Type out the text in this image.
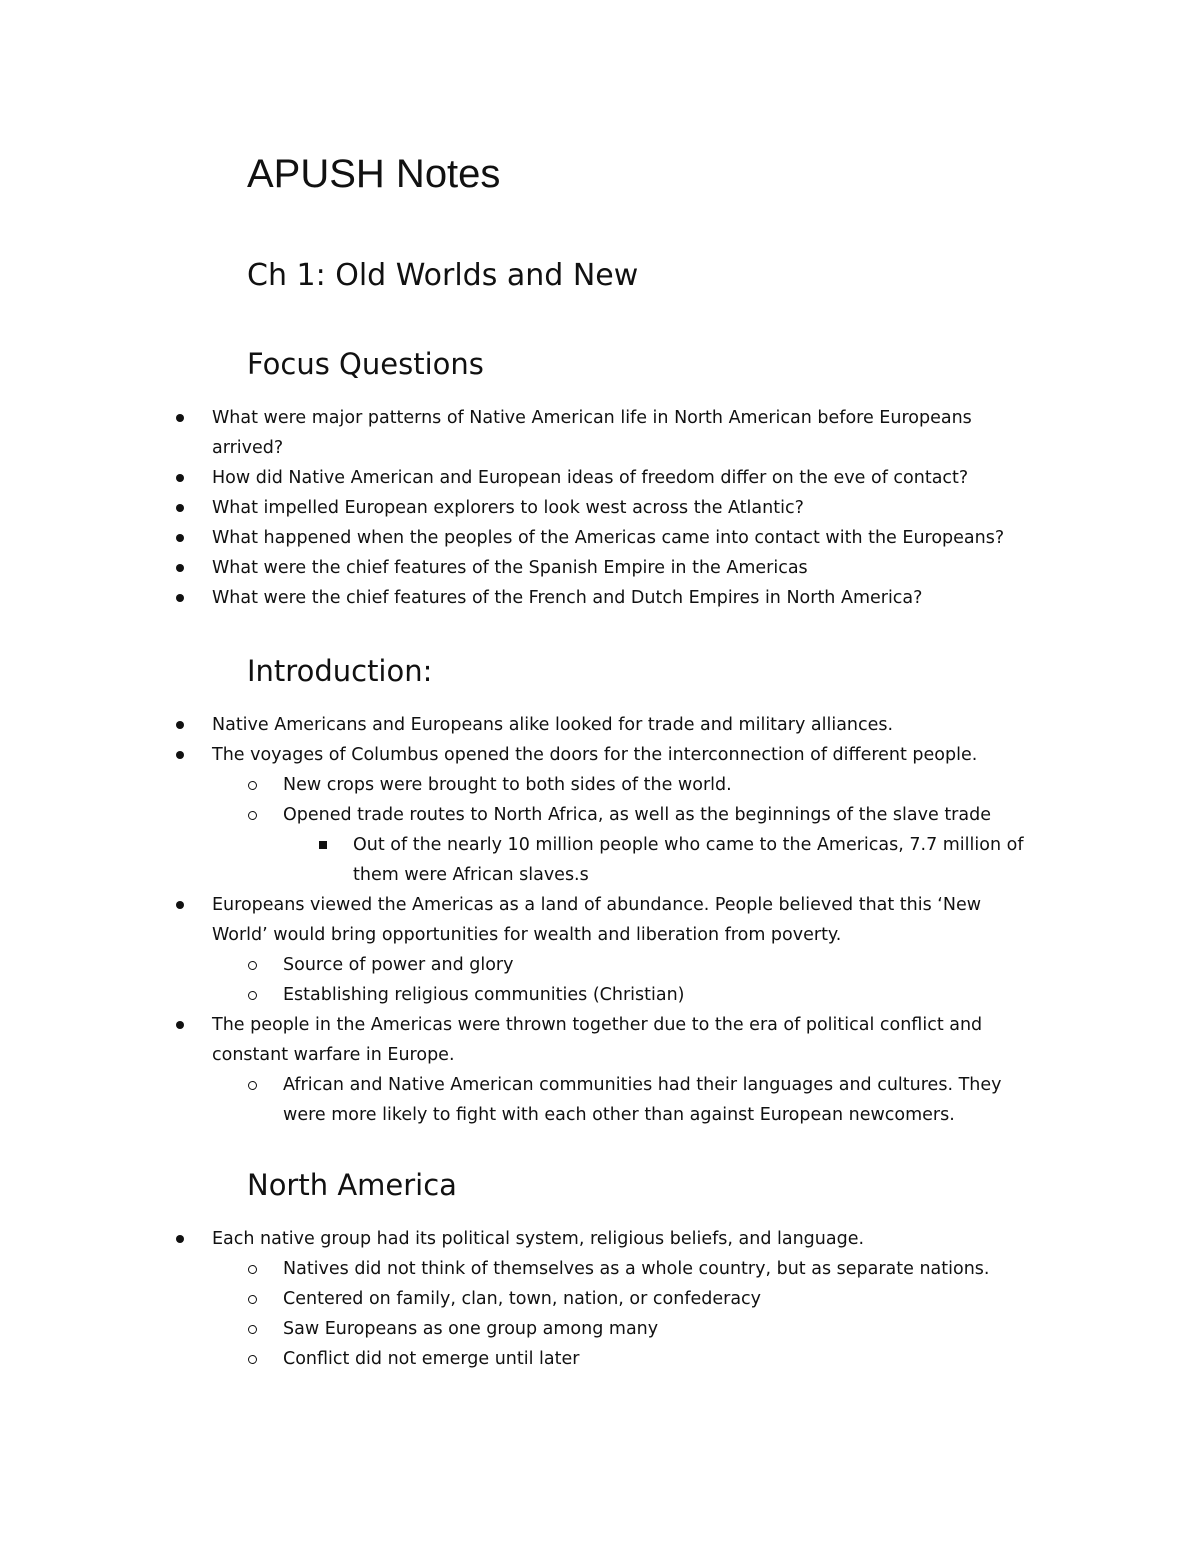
APUSH Notes
Ch 1: Old Worlds and New
Focus Questions
What were major patterns of Native American life in North American before Europeans arrived?
How did Native American and European ideas of freedom differ on the eve of contact?
What impelled European explorers to look west across the Atlantic?
What happened when the peoples of the Americas came into contact with the Europeans?
What were the chief features of the Spanish Empire in the Americas
What were the chief features of the French and Dutch Empires in North America?
Introduction:
Native Americans and Europeans alike looked for trade and military alliances.
The voyages of Columbus opened the doors for the interconnection of different people.
New crops were brought to both sides of the world.
Opened trade routes to North Africa, as well as the beginnings of the slave trade
Out of the nearly 10 million people who came to the Americas, 7.7 million of them were African slaves.s
Europeans viewed the Americas as a land of abundance. People believed that this ‘New World’ would bring opportunities for wealth and liberation from poverty.
Source of power and glory
Establishing religious communities (Christian)
The people in the Americas were thrown together due to the era of political conflict and constant warfare in Europe.
African and Native American communities had their languages and cultures. They were more likely to fight with each other than against European newcomers.
North America
Each native group had its political system, religious beliefs, and language.
Natives did not think of themselves as a whole country, but as separate nations.
Centered on family, clan, town, nation, or confederacy
Saw Europeans as one group among many
Conflict did not emerge until later
